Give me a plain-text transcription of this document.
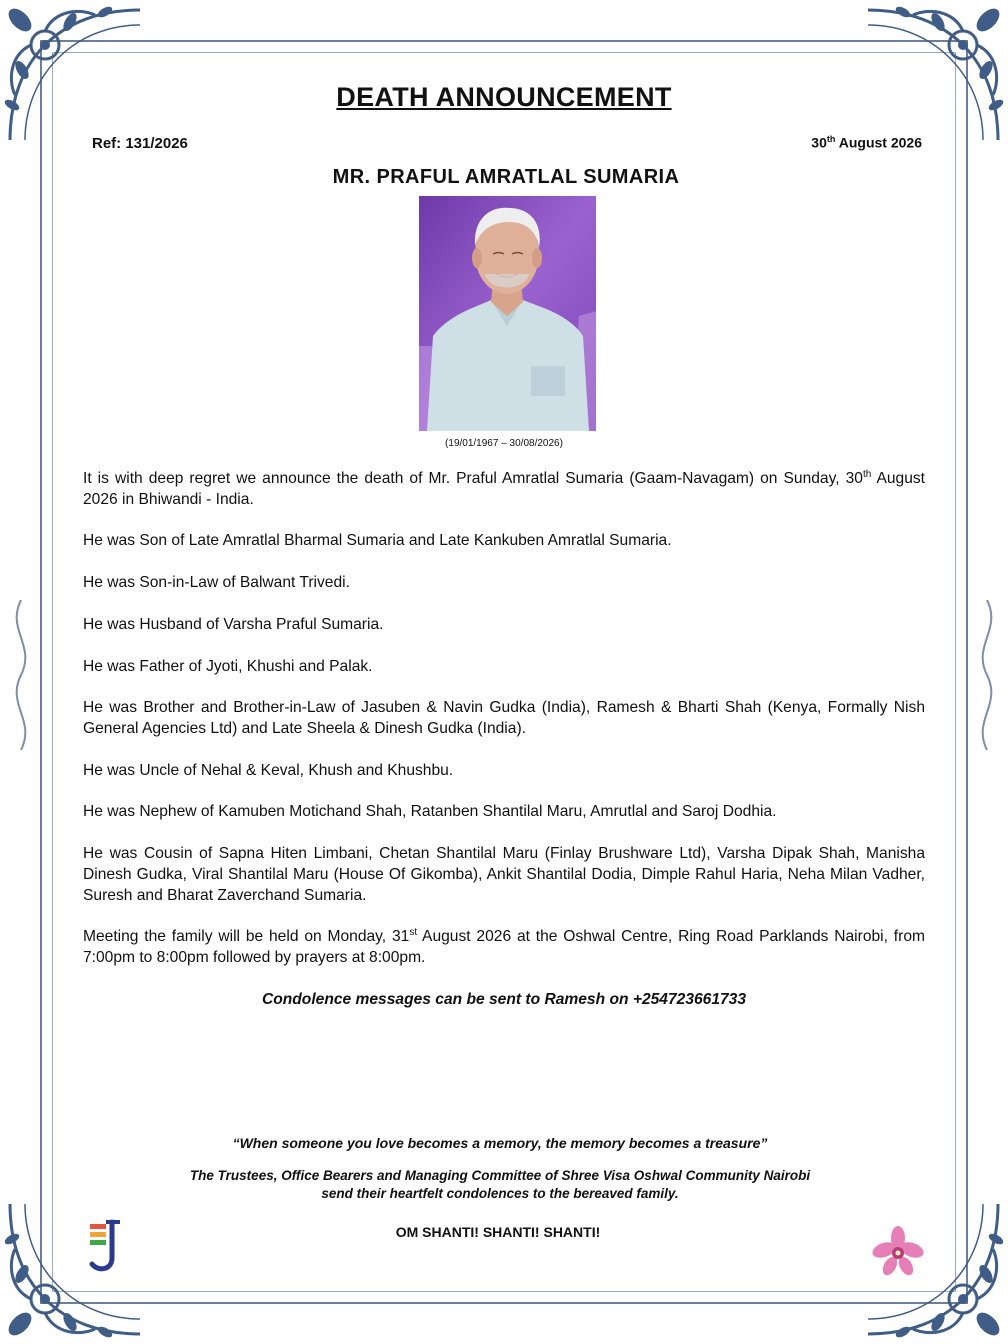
DEATH ANNOUNCEMENT
Ref: 131/2026	30th August 2026
MR. PRAFUL AMRATLAL SUMARIA
(19/01/1967 – 30/08/2026)

It is with deep regret we announce the death of Mr. Praful Amratlal Sumaria (Gaam-Navagam) on Sunday, 30th August 2026 in Bhiwandi - India.

He was Son of Late Amratlal Bharmal Sumaria and Late Kankuben Amratlal Sumaria.

He was Son-in-Law of Balwant Trivedi.

He was Husband of Varsha Praful Sumaria.

He was Father of Jyoti, Khushi and Palak.

He was Brother and Brother-in-Law of Jasuben & Navin Gudka (India), Ramesh & Bharti Shah (Kenya, Formally Nish General Agencies Ltd) and Late Sheela & Dinesh Gudka (India).

He was Uncle of Nehal & Keval, Khush and Khushbu.

He was Nephew of Kamuben Motichand Shah, Ratanben Shantilal Maru, Amrutlal and Saroj Dodhia.

He was Cousin of Sapna Hiten Limbani, Chetan Shantilal Maru (Finlay Brushware Ltd), Varsha Dipak Shah, Manisha Dinesh Gudka, Viral Shantilal Maru (House Of Gikomba), Ankit Shantilal Dodia, Dimple Rahul Haria, Neha Milan Vadher, Suresh and Bharat Zaverchand Sumaria.

Meeting the family will be held on Monday, 31st August 2026 at the Oshwal Centre, Ring Road Parklands Nairobi, from 7:00pm to 8:00pm followed by prayers at 8:00pm.

Condolence messages can be sent to Ramesh on +254723661733

“When someone you love becomes a memory, the memory becomes a treasure”
The Trustees, Office Bearers and Managing Committee of Shree Visa Oshwal Community Nairobi
send their heartfelt condolences to the bereaved family.
OM SHANTI! SHANTI! SHANTI!
